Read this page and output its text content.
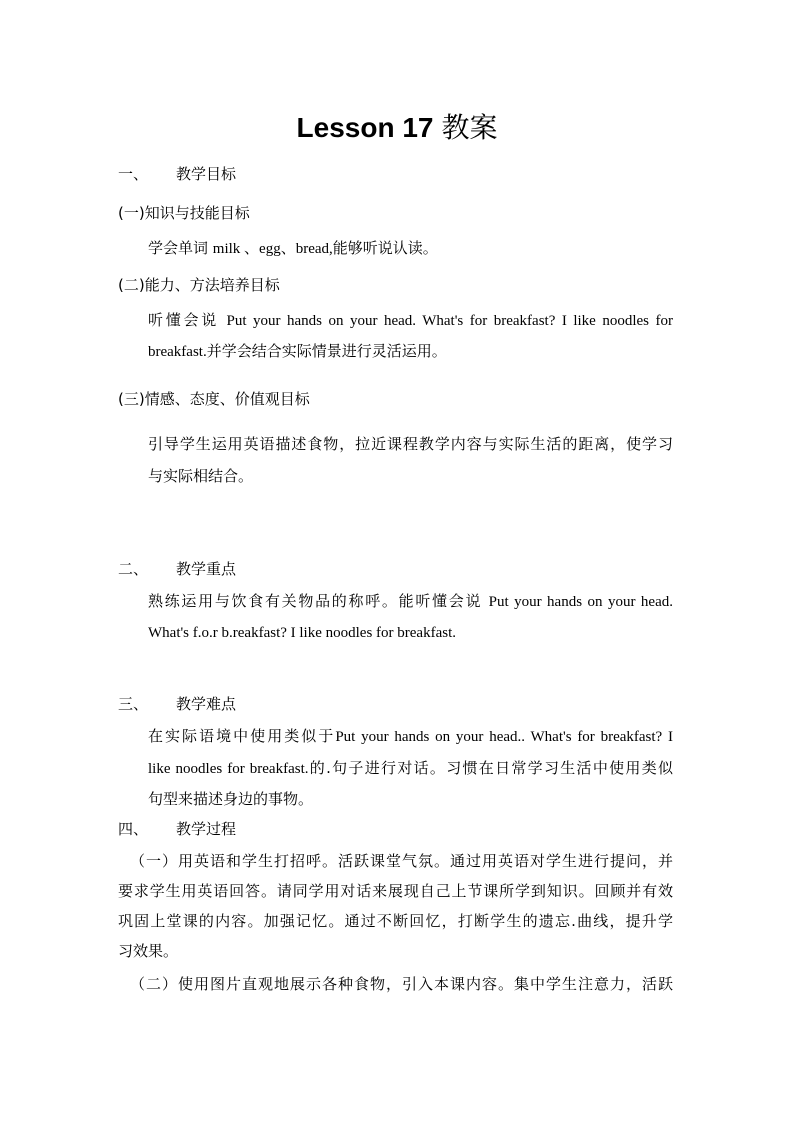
Lesson 17 教案
一、 教学目标
(一)知识与技能目标
学会单词 milk 、egg、bread,能够听说认读。
(二)能力、方法培养目标
听懂会说 Put your hands on your head. What's for breakfast? I like noodles for
breakfast.并学会结合实际情景进行灵活运用。
(三)情感、态度、价值观目标
引导学生运用英语描述食物，拉近课程教学内容与实际生活的距离，使学习
与实际相结合。
二、 教学重点
熟练运用与饮食有关物品的称呼。能听懂会说 Put your hands on your head.
What's f.o.r b.reakfast? I like noodles for breakfast.
三、 教学难点
在实际语境中使用类似于Put your hands on your head.. What's for breakfast? I
like noodles for breakfast.的.句子进行对话。习惯在日常学习生活中使用类似
句型来描述身边的事物。
四、 教学过程
（一）用英语和学生打招呼。活跃课堂气氛。通过用英语对学生进行提问，并
要求学生用英语回答。请同学用对话来展现自己上节课所学到知识。回顾并有效
巩固上堂课的内容。加强记忆。通过不断回忆，打断学生的遗忘.曲线，提升学
习效果。
（二）使用图片直观地展示各种食物，引入本课内容。集中学生注意力，活跃
